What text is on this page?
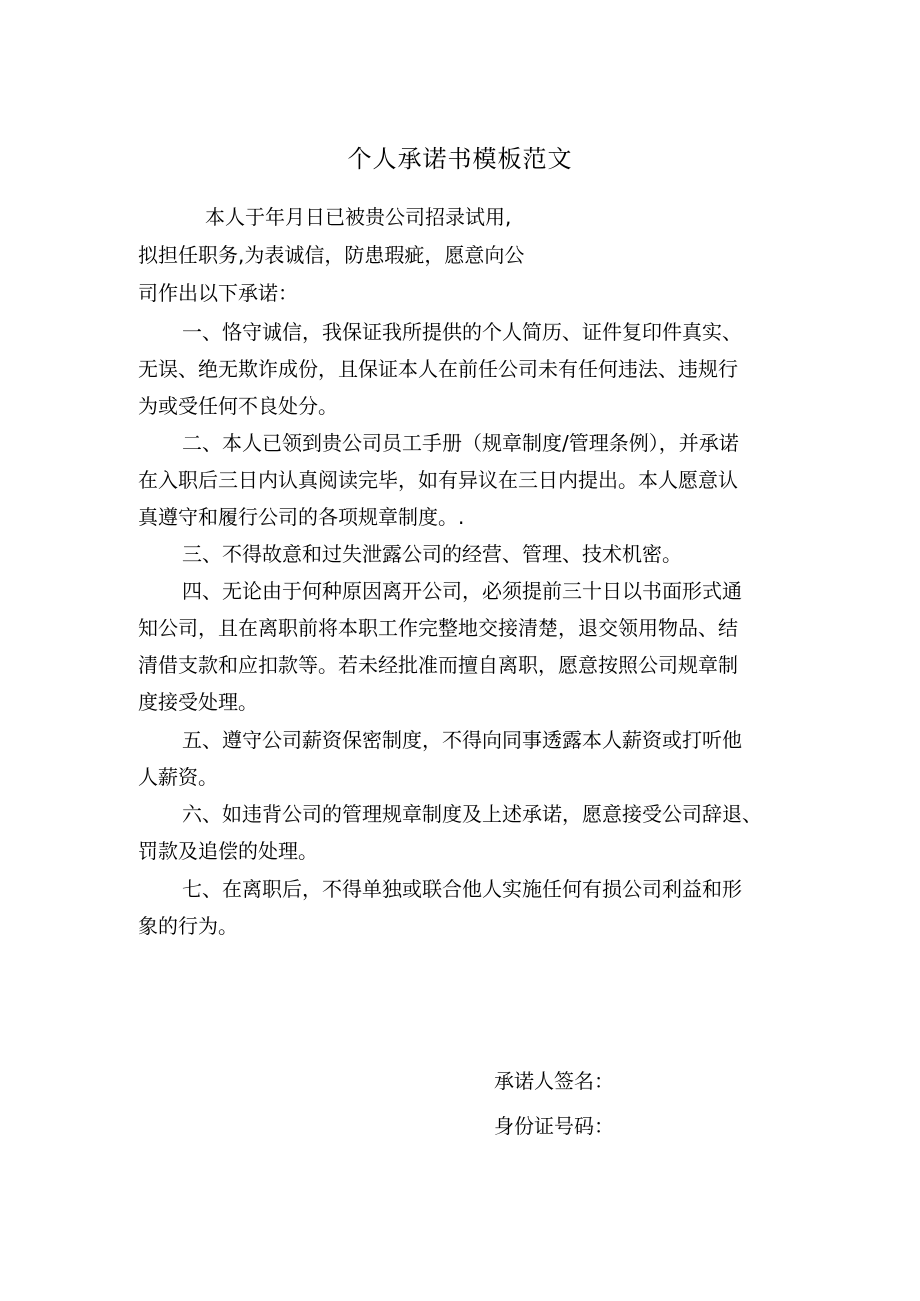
个人承诺书模板范文
本人于年月日已被贵公司招录试用,
拟担任职务,为表诚信，防患瑕疵，愿意向公
司作出以下承诺：
一、恪守诚信，我保证我所提供的个人简历、证件复印件真实、
无误、绝无欺诈成份，且保证本人在前任公司未有任何违法、违规行
为或受任何不良处分。
二、本人已领到贵公司员工手册（规章制度/管理条例），并承诺
在入职后三日内认真阅读完毕，如有异议在三日内提出。本人愿意认
真遵守和履行公司的各项规章制度。.
三、不得故意和过失泄露公司的经营、管理、技术机密。
四、无论由于何种原因离开公司，必须提前三十日以书面形式通
知公司，且在离职前将本职工作完整地交接清楚，退交领用物品、结
清借支款和应扣款等。若未经批准而擅自离职，愿意按照公司规章制
度接受处理。
五、遵守公司薪资保密制度，不得向同事透露本人薪资或打听他
人薪资。
六、如违背公司的管理规章制度及上述承诺，愿意接受公司辞退、
罚款及追偿的处理。
七、在离职后，不得单独或联合他人实施任何有损公司利益和形
象的行为。
承诺人签名：
身份证号码：
